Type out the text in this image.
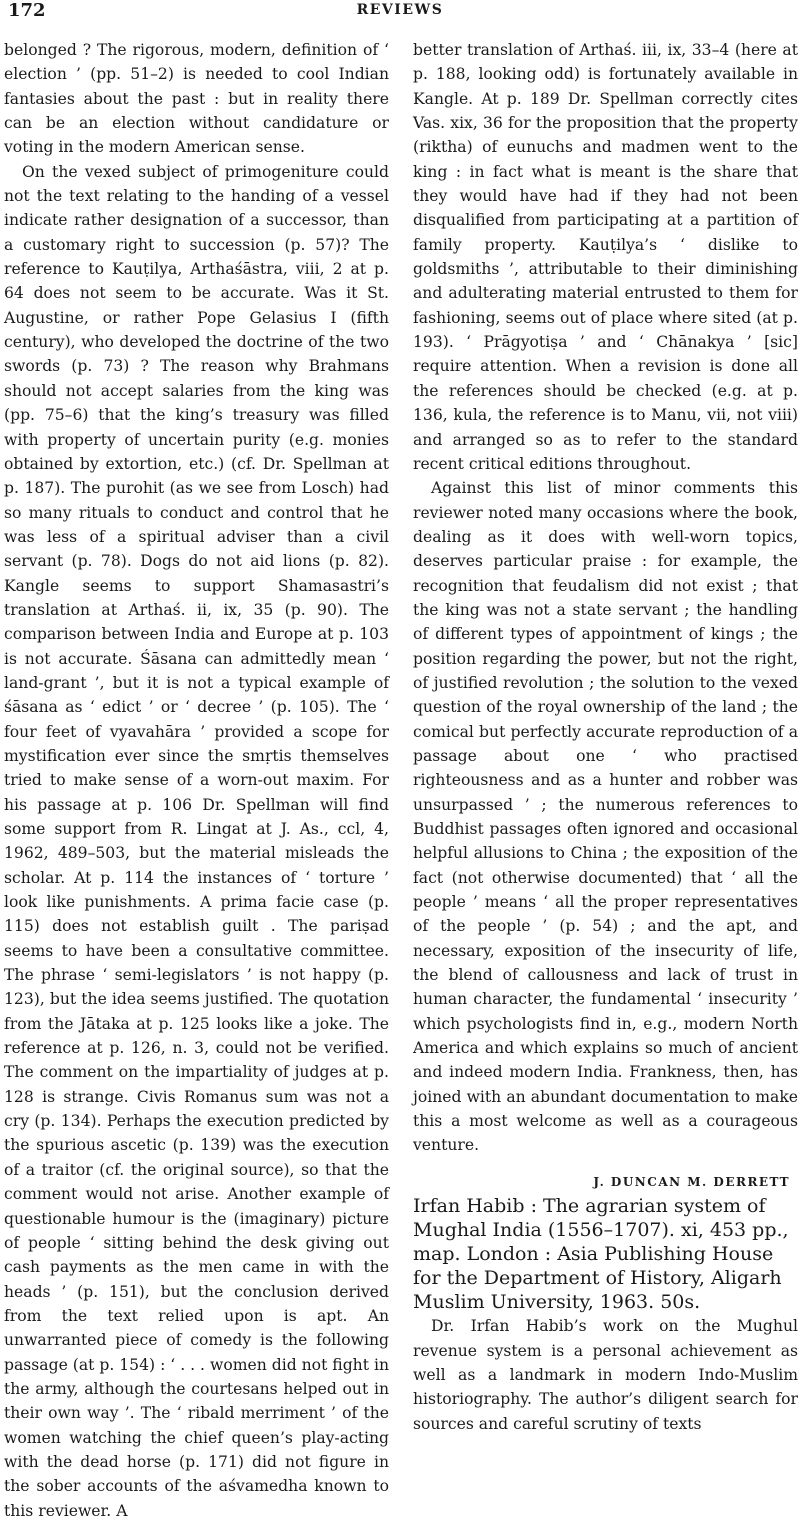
172	REVIEWS

belonged ? The rigorous, modern, definition of ‘ election ’ (pp. 51–2) is needed to cool Indian fantasies about the past : but in reality there can be an election without candidature or voting in the modern American sense.

On the vexed subject of primogeniture could not the text relating to the handing of a vessel indicate rather designation of a successor, than a customary right to succession (p. 57)? The reference to Kauṭilya, Arthaśāstra, viii, 2 at p. 64 does not seem to be accurate. Was it St. Augustine, or rather Pope Gelasius I (fifth century), who developed the doctrine of the two swords (p. 73) ? The reason why Brahmans should not accept salaries from the king was (pp. 75–6) that the king’s treasury was filled with property of uncertain purity (e.g. monies obtained by extortion, etc.) (cf. Dr. Spellman at p. 187). The purohit (as we see from Losch) had so many rituals to conduct and control that he was less of a spiritual adviser than a civil servant (p. 78). Dogs do not aid lions (p. 82). Kangle seems to support Shamasastri’s translation at Arthaś. ii, ix, 35 (p. 90). The comparison between India and Europe at p. 103 is not accurate. Śāsana can admittedly mean ‘ land-grant ’, but it is not a typical example of śāsana as ‘ edict ’ or ‘ decree ’ (p. 105). The ‘ four feet of vyavahāra ’ provided a scope for mystification ever since the smṛtis themselves tried to make sense of a worn-out maxim. For his passage at p. 106 Dr. Spellman will find some support from R. Lingat at J. As., ccl, 4, 1962, 489–503, but the material misleads the scholar. At p. 114 the instances of ‘ torture ’ look like punishments. A prima facie case (p. 115) does not establish guilt . The pariṣad seems to have been a consultative committee. The phrase ‘ semi-legislators ’ is not happy (p. 123), but the idea seems justified. The quotation from the Jātaka at p. 125 looks like a joke. The reference at p. 126, n. 3, could not be verified. The comment on the impartiality of judges at p. 128 is strange. Civis Romanus sum was not a cry (p. 134). Perhaps the execution predicted by the spurious ascetic (p. 139) was the execution of a traitor (cf. the original source), so that the comment would not arise. Another example of questionable humour is the (imaginary) picture of people ‘ sitting behind the desk giving out cash payments as the men came in with the heads ’ (p. 151), but the conclusion derived from the text relied upon is apt. An unwarranted piece of comedy is the following passage (at p. 154) : ‘ . . . women did not fight in the army, although the courtesans helped out in their own way ’. The ‘ ribald merriment ’ of the women watching the chief queen’s play-acting with the dead horse (p. 171) did not figure in the sober accounts of the aśvamedha known to this reviewer. A

better translation of Arthaś. iii, ix, 33–4 (here at p. 188, looking odd) is fortunately available in Kangle. At p. 189 Dr. Spellman correctly cites Vas. xix, 36 for the proposition that the property (riktha) of eunuchs and madmen went to the king : in fact what is meant is the share that they would have had if they had not been disqualified from participating at a partition of family property. Kauṭilya’s ‘ dislike to goldsmiths ’, attributable to their diminishing and adulterating material entrusted to them for fashioning, seems out of place where sited (at p. 193). ‘ Prāgyotiṣa ’ and ‘ Chānakya ’ [sic] require attention. When a revision is done all the references should be checked (e.g. at p. 136, kula, the reference is to Manu, vii, not viii) and arranged so as to refer to the standard recent critical editions throughout.

Against this list of minor comments this reviewer noted many occasions where the book, dealing as it does with well-worn topics, deserves particular praise : for example, the recognition that feudalism did not exist ; that the king was not a state servant ; the handling of different types of appointment of kings ; the position regarding the power, but not the right, of justified revolution ; the solution to the vexed question of the royal ownership of the land ; the comical but perfectly accurate reproduction of a passage about one ‘ who practised righteousness and as a hunter and robber was unsurpassed ’ ; the numerous references to Buddhist passages often ignored and occasional helpful allusions to China ; the exposition of the fact (not otherwise documented) that ‘ all the people ’ means ‘ all the proper representatives of the people ’ (p. 54) ; and the apt, and necessary, exposition of the insecurity of life, the blend of callousness and lack of trust in human character, the fundamental ‘ insecurity ’ which psychologists find in, e.g., modern North America and which explains so much of ancient and indeed modern India. Frankness, then, has joined with an abundant documentation to make this a most welcome as well as a courageous venture.

J. DUNCAN M. DERRETT

Irfan Habib : The agrarian system of Mughal India (1556–1707). xi, 453 pp., map. London : Asia Publishing House for the Department of History, Aligarh Muslim University, 1963. 50s.

Dr. Irfan Habib’s work on the Mughul revenue system is a personal achievement as well as a landmark in modern Indo-Muslim historiography. The author’s diligent search for sources and careful scrutiny of texts
